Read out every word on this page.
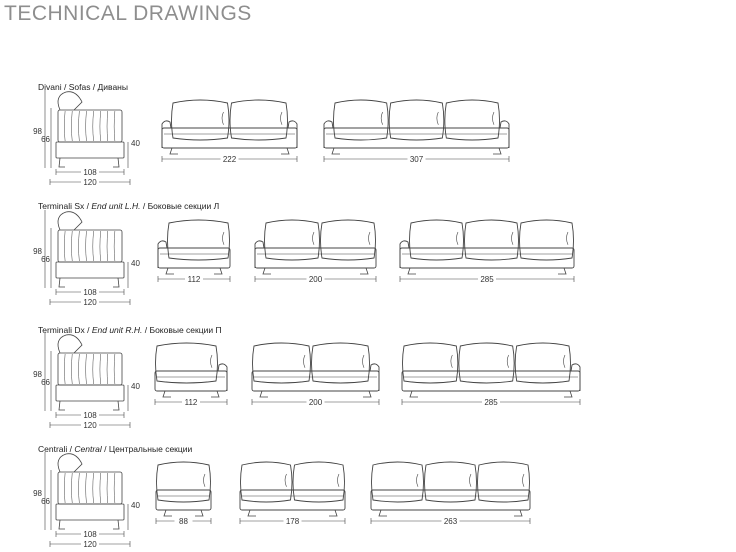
TECHNICAL DRAWINGS
Divani / Sofas / Диваны
Terminali Sx / End unit L.H. / Боковые секции Л
Terminali Dx / End unit R.H. / Боковые секции П
Centrali / Central / Центральные секции
98
66	40
108
120
222	307
98
66	40
108
120
112	200	285
98
66	40
108
120
112	200	285
98
66	40
108
120
88	178	263
